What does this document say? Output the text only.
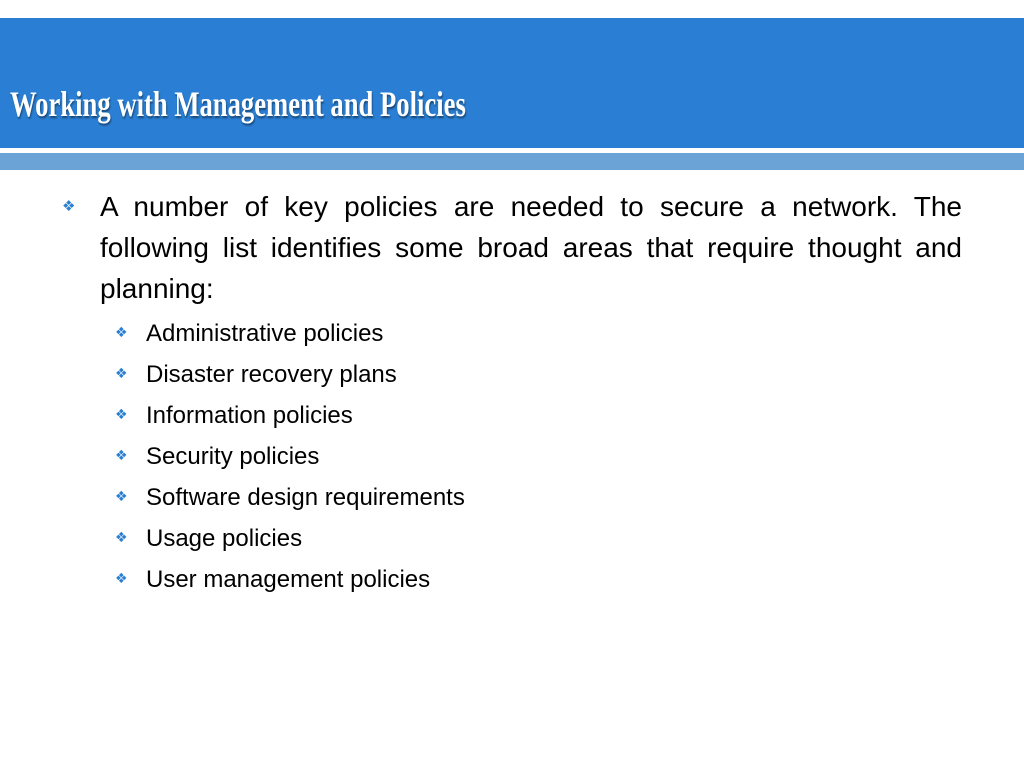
Working with Management and Policies
❖ A number of key policies are needed to secure a network. The following list identifies some broad areas that require thought and planning:
❖ Administrative policies
❖ Disaster recovery plans
❖ Information policies
❖ Security policies
❖ Software design requirements
❖ Usage policies
❖ User management policies
